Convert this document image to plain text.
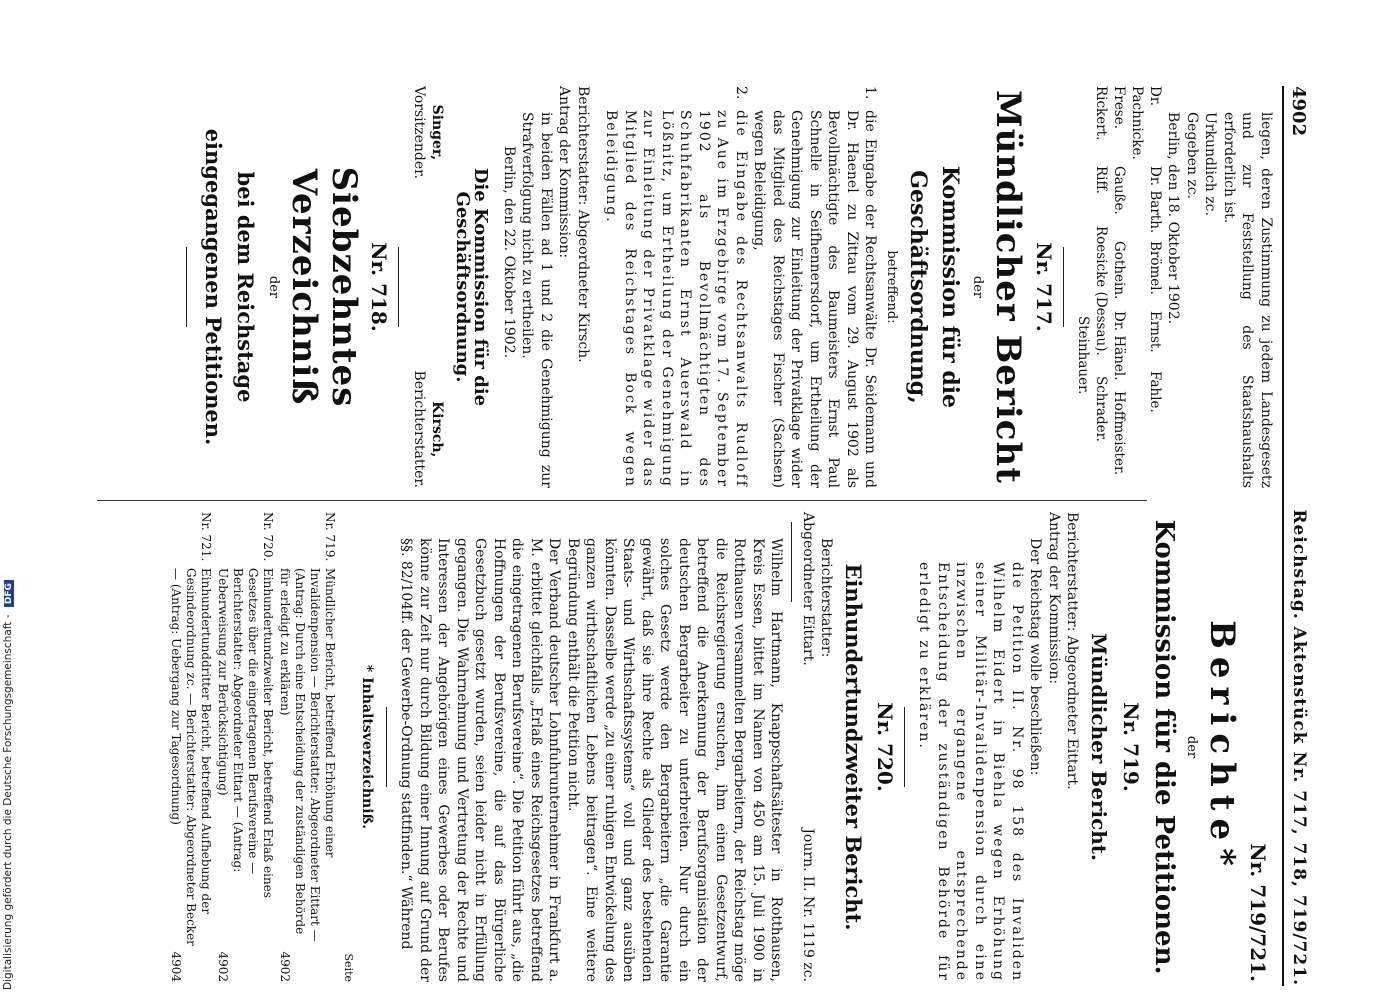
4902
Reichstag. Aktenstück Nr. 717, 718, 719/721.

liegen, deren Zustimmung zu jedem Landesgesetz und zur Feststellung des Staatshaushalts erforderlich ist.

Urkundlich zc.

Gegeben zc.

Berlin, den 18. Oktober 1902.

Dr. Pachnicke.
Dr. Barth.
Brömel.
Ernst.
Fahle.
Frese.
Gauße.
Gothein.
Dr. Hänel.
Hoffmeister.
Rickert.
Riff.
Roesicke (Dessau).
Schrader.
Steinhauer.
Nr. 717.
Mündlicher Bericht
der
Kommission für die Geschäftsordnung,
betreffend:
1.
die Eingabe der Rechtsanwälte Dr. Seidemann und Dr. Haenel zu Zittau vom 29. August 1902 als Bevollmächtigte des Baumeisters Ernst Paul Schnelle in Seifhennersdorf, um Ertheilung der Genehmigung zur Einleitung der Privatklage wider das Mitglied des Reichstages Fischer (Sachsen) wegen Beleidigung,
2.
die Eingabe des Rechtsanwalts Rudloff zu Aue im Erzgebirge vom 17. September 1902 als Bevollmächtigten des Schuhfabrikanten Ernst Auerswald in Lößnitz, um Ertheilung der Genehmigung zur Einleitung der Privatklage wider das Mitglied des Reichstages Bock wegen Beleidigung.

Berichterstatter: Abgeordneter Kirsch.

Antrag der Kommission:

in beiden Fällen ad 1 und 2 die Genehmigung zur Strafverfolgung nicht zu ertheilen.

Berlin, den 22. Oktober 1902.

Die Kommission für die Geschäftsordnung.

Singer,
Vorsitzender.
Kirsch,
Berichterstatter.
Nr. 718.
Siebzehntes Verzeichniß
der
bei dem Reichstage eingegangenen Petitionen.
Nr. 719/721.
Berichte*
der
Kommission für die Petitionen.
Nr. 719.
Mündlicher Bericht.

Berichterstatter: Abgeordneter Eittart.

Antrag der Kommission:

Der Reichstag wolle beschließen:

die Petition II. Nr. 98 158 des Invaliden Wilhelm Eidert in Biehla wegen Erhöhung seiner Militär-Invalidenpension durch eine inzwischen ergangene entsprechende Entscheidung der zuständigen Behörde für erledigt zu erklären.

Nr. 720.
Einhundertundzweiter Bericht.
Berichterstatter:
Abgeordneter Eittart.
Journ. II. Nr. 1119 zc.

Wilhelm Hartmann, Knappschaftsältester in Rotthausen, Kreis Essen, bittet im Namen von 450 am 15. Juli 1900 in Rotthausen versammelten Bergarbeitern, der Reichstag möge die Reichsregierung ersuchen, ihm einen Gesetzentwurf, betreffend die Anerkennung der Berufsorganisation der deutschen Bergarbeiter zu unterbreiten. Nur durch ein solches Gesetz werde den Bergarbeitern „die Garantie gewährt, daß sie ihre Rechte als Glieder des bestehenden Staats- und Wirthschaftssystems“ voll und ganz ausüben könnten. Dasselbe werde „zu einer ruhigen Entwickelung des ganzen wirthschaftlichen Lebens beitragen“. Eine weitere Begründung enthält die Petition nicht.

Der Verband deutscher Lohnfuhrunternehmer in Frankfurt a. M. erbittet gleichfalls „Erlaß eines Reichsgesetzes betreffend die eingetragenen Berufsvereine“. Die Petition führt aus, „die Hoffnungen der Berufsvereine, die auf das Bürgerliche Gesetzbuch gesetzt wurden, seien leider nicht in Erfüllung gegangen. Die Wahrnehmung und Vertretung der Rechte und Interessen der Angehörigen eines Gewerbes oder Berufes könne zur Zeit nur durch Bildung einer Innung auf Grund der §§. 82/104ff. der Gewerbe-Ordnung stattfinden.“ Während

* Inhaltsverzeichniß.
Seite
Nr. 719.
Mündlicher Bericht, betreffend Erhöhung einer Invalidenpension — Berichterstatter: Abgeordneter Eittart — (Antrag: Durch eine Entscheidung der zuständigen Behörde für erledigt zu erklären)
4902
Nr. 720.
Einhundertundzweiter Bericht, betreffend Erlaß eines Gesetzes über die eingetragenen Berufsvereine — Berichterstatter: Abgeordneter Eittart — (Antrag: Ueberweisung zur Berücksichtigung)
4902
Nr. 721.
Einhundertunddritter Bericht, betreffend Aufhebung der Gesindeordnung zc. — Berichterstatter: Abgeordneter Becker — (Antrag: Uebergang zur Tagesordnung)
4904
Digitalisierung gefördert durch die Deutsche Forschungsgemeinschaft - DFG
